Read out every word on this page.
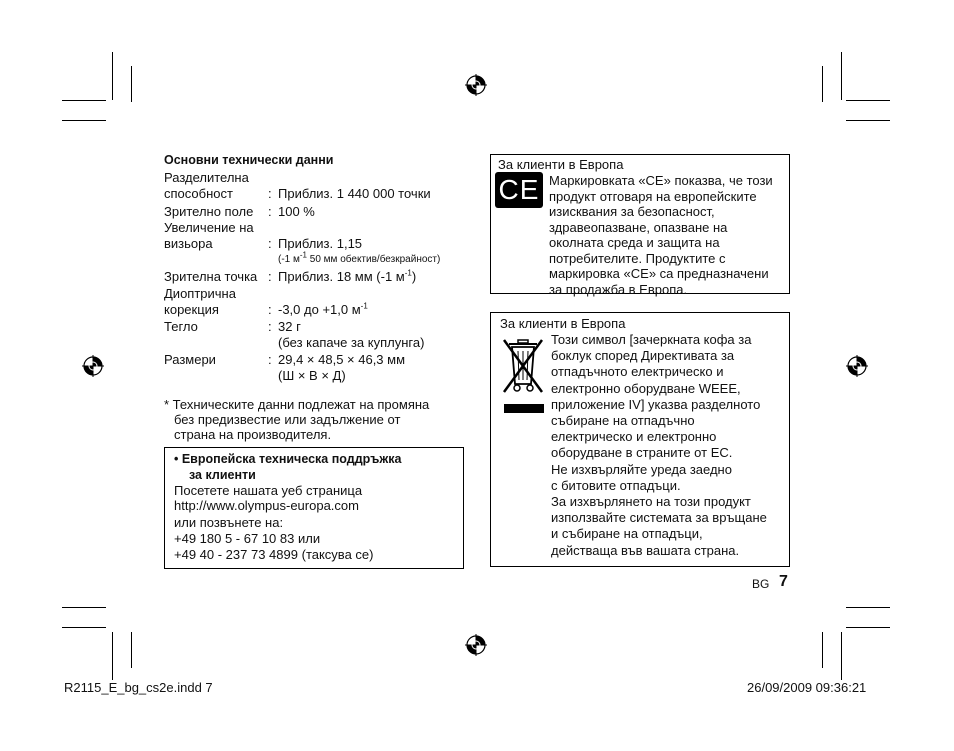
Основни технически данни
Разделителна
способност	: Приблиз. 1 440 000 точки
Зрително поле : 100 %
Увеличение на
визьора	: Приблиз. 1,15
(-1 $м^{-1}$ 50 мм обектив/безкрайност)
Зрителна точка : Приблиз. 18 мм (-1 $м^{-1}$)
Диоптрична
корекция	: -3,0 до +1,0 $м^{-1}$
Тегло	: 32 г
(без капаче за куплунга)
Размери	: 29,4 × 48,5 × 46,3 мм
(Ш × В × Д)
* Техническите данни подлежат на промяна
без предизвестие или задължение от
страна на производителя.
• Европейска техническа поддръжка
за клиенти
Посетете нашата уеб страница
http://www.olympus-europa.com
или позвънете на:
+49 180 5 - 67 10 83 или
+49 40 - 237 73 4899 (таксува се)
За клиенти в Европа
CE Маркировката «CE» показва, че този
продукт отговаря на европейските
изисквания за безопасност,
здравеопазване, опазване на
околната среда и защита на
потребителите. Продуктите с
маркировка «CE» са предназначени
за продажба в Европа.
За клиенти в Европа
Този символ [зачеркната кофа за
боклук според Директивата за
отпадъчното електрическо и
електронно оборудване WEEE,
приложение IV] указва разделното
събиране на отпадъчно
електрическо и електронно
оборудване в страните от ЕС.
Не изхвърляйте уреда заедно
с битовите отпадъци.
За изхвърлянето на този продукт
използвайте системата за връщане
и събиране на отпадъци,
действаща във вашата страна.
BG 7
R2115_E_bg_cs2e.indd 7	26/09/2009 09:36:21
